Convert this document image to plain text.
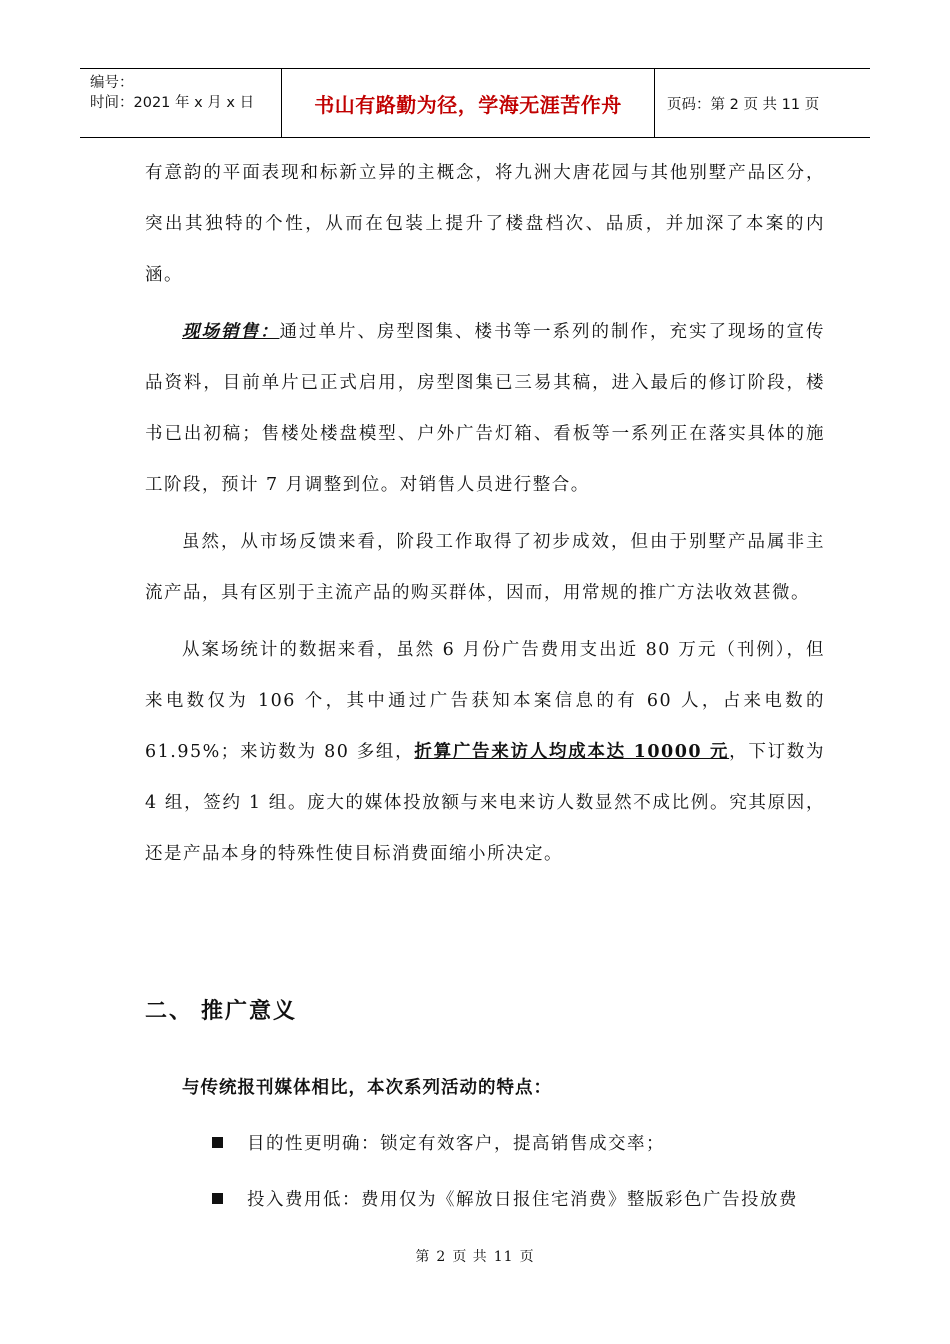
编号：
时间：2021 年 x 月 x 日	书山有路勤为径，学海无涯苦作舟	页码：第 2 页 共 11 页

有意韵的平面表现和标新立异的主概念，将九洲大唐花园与其他别墅产品区分，突出其独特的个性，从而在包装上提升了楼盘档次、品质，并加深了本案的内涵。

现场销售：通过单片、房型图集、楼书等一系列的制作，充实了现场的宣传品资料，目前单片已正式启用，房型图集已三易其稿，进入最后的修订阶段，楼书已出初稿；售楼处楼盘模型、户外广告灯箱、看板等一系列正在落实具体的施工阶段，预计 7 月调整到位。对销售人员进行整合。

虽然，从市场反馈来看，阶段工作取得了初步成效，但由于别墅产品属非主流产品，具有区别于主流产品的购买群体，因而，用常规的推广方法收效甚微。

从案场统计的数据来看，虽然 6 月份广告费用支出近 80 万元（刊例），但来电数仅为 106 个，其中通过广告获知本案信息的有 60 人，占来电数的 61.95%；来访数为 80 多组，折算广告来访人均成本达 10000 元，下订数为 4 组，签约 1 组。庞大的媒体投放额与来电来访人数显然不成比例。究其原因，还是产品本身的特殊性使目标消费面缩小所决定。

二、 推广意义
与传统报刊媒体相比，本次系列活动的特点：
目的性更明确：锁定有效客户，提高销售成交率；
投入费用低：费用仅为《解放日报住宅消费》整版彩色广告投放费
第 2 页 共 11 页
